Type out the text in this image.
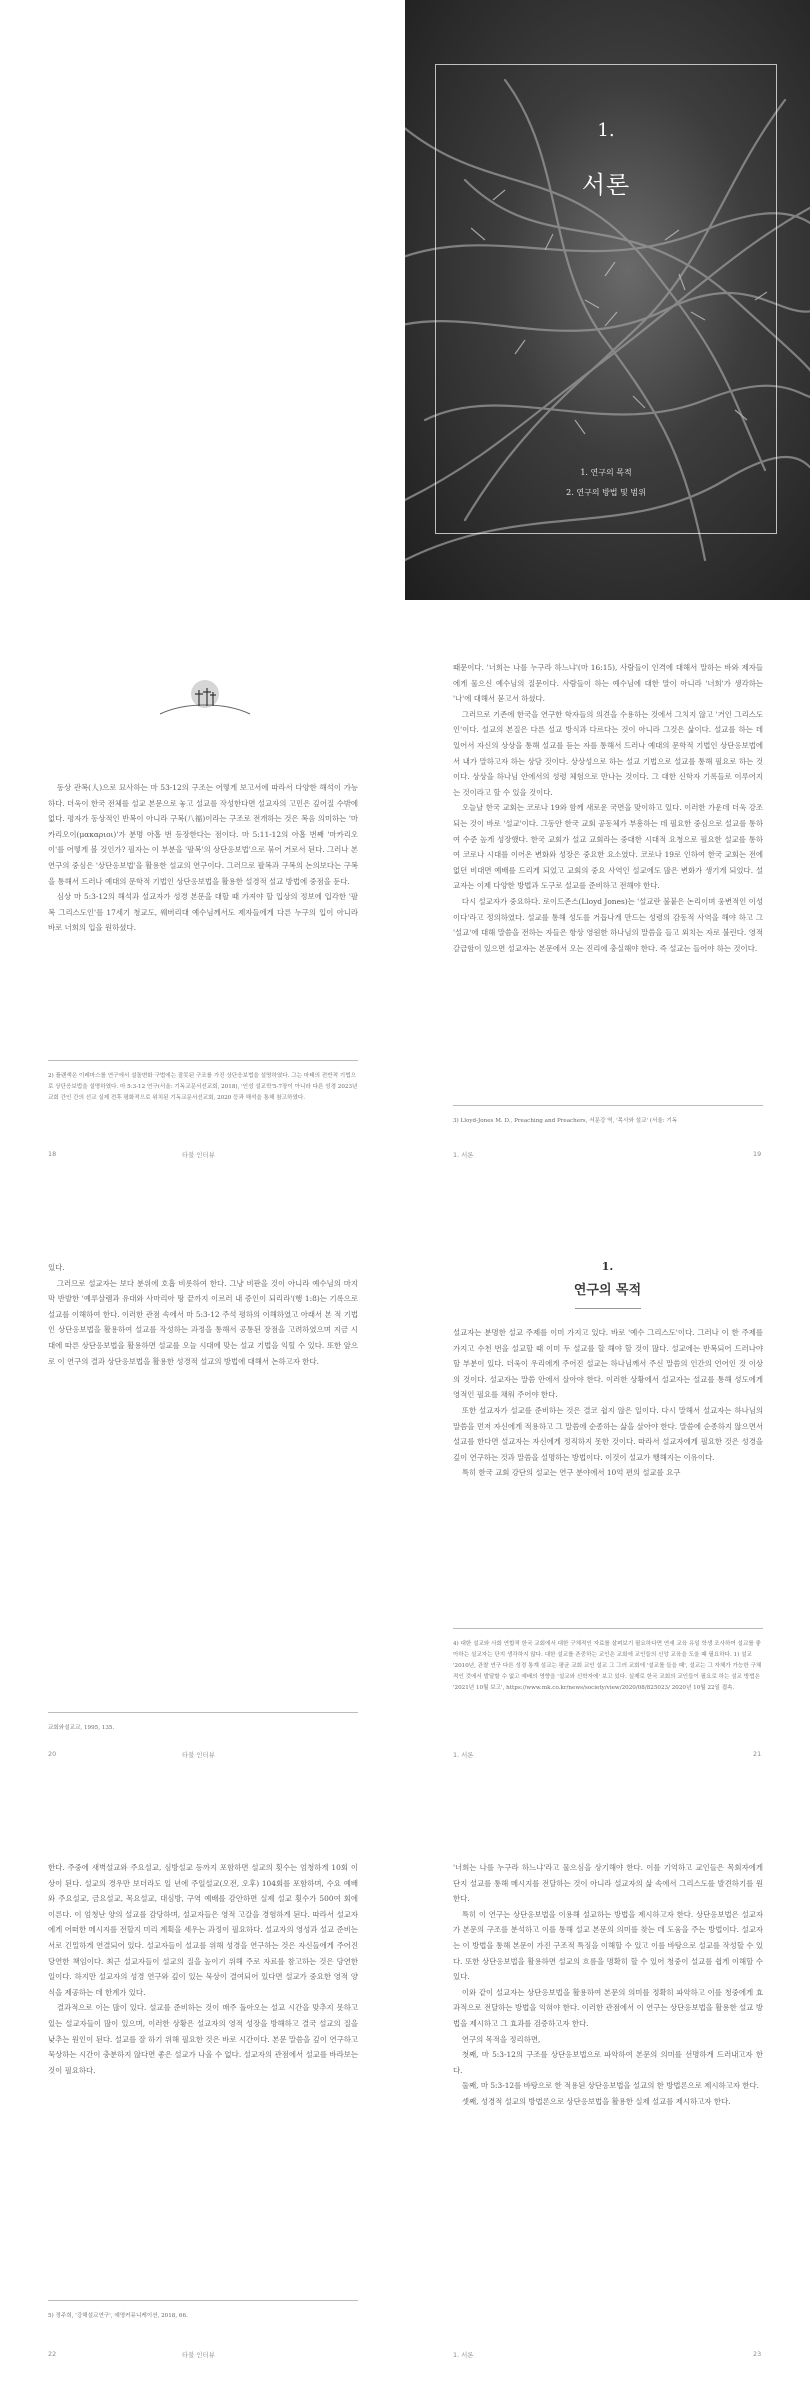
1.
서론
1. 연구의 목적
2. 연구의 방법 및 범위

동상 관복(人)으로 묘사하는 마 53-12의 구조는 어떻게 보고서에 따라서 다양한 해석이 가능하다. 더욱이 한국 전체를 설교 본문으로 놓고 설교를 작성한다면 설교자의 고민은 깊어질 수밖에 없다. 평자가 동상적인 반복이 아니라 구복(八福)이라는 구조로 전개하는 것은 복음 의미하는 '마카리오이(μακαριοι)'가 분명 아홉 번 등장한다는 점이다. 마 5:11-12의 아홉 번째 '마카리오이'를 어떻게 볼 것인가? 필자는 이 부분을 '팔복'의 상단응보법'으로 묶어 거로서 된다. 그러나 본 연구의 중심은 '상단응보법'을 활용한 설교의 연구이다. 그러므로 팔복과 구복의 논의보다는 구복을 통해서 드러나 예대의 문학적 기법인 상단응보법을 활용한 설경적 설교 방법에 중점을 둔다.

심상 마 5:3-12의 해석과 설교자가 성경 본문을 대할 때 가져야 할 입상의 정보에 입각한 '팔복 그리스도인'를 17세기 청교도, 웨버리대 예수님께서도 제자들에게 다른 누구의 입이 아니라 바로 너희의 입을 원하셨다.

2) 플랜색은 이레마스를 연구에서 설돌변화 구법에는 잘못된 구조를 가진 상단응보법을 설명하였다. 그는 마태의 전반적 기법으로 상단응보법을 설명하였다. 마 5:3-12 연구(서울: 기독교문서선교회, 2018), '인성 설교학'5-7장이 아니라 다른 성경 2023년 교회 간인 간의 선교 실제 전후 평화적으로 위치된 기독교문서선교회, 2020 등과 해석을 통해 참고하였다.
18	타불 인터뷰

때문이다. '너희는 나를 누구라 하느냐'(마 16:15), 사람들이 인격에 대해서 말하는 바와 제자들에게 물으신 예수님의 질문이다. 사람들이 하는 예수님에 대한 말이 아니라 '너희'가 생각하는 '나'에 대해서 묻고서 하셨다.

그러므로 기존에 한국을 연구한 학자들의 의견을 수용하는 것에서 그치지 않고 '거인 그리스도인'이다. 설교의 본질은 다른 설교 방식과 다르다는 것이 아니라 그것은 삶이다. 설교를 하는 데 있어서 자신의 상상을 통해 설교를 듣는 자를 통해서 드러나 예대의 문학적 기법인 상단응보법에서 내가 말하고자 하는 상담 것이다. 상상성으로 하는 설교 기법으로 설교를 통해 필요로 하는 것이다. 상상을 하나님 안에서의 성령 체험으로 만나는 것이다. 그 대한 신학자 기록들로 이루어지는 것이라고 할 수 있을 것이다.

오늘날 한국 교회는 코로나 19와 함께 새로운 국면을 맞이하고 있다. 이러한 가운데 더욱 강조되는 것이 바로 '설교'이다. 그동안 한국 교회 공동체가 부흥하는 데 필요한 중심으로 설교를 통하여 수준 높게 성장했다. 한국 교회가 설교 교회라는 중대한 시대적 요청으로 필요한 설교를 통하여 코로나 시대를 이어온 변화와 성장은 중요한 요소였다. 코로나 19로 인하여 한국 교회는 전에 없던 비대면 예배를 드리게 되었고 교회의 중요 사역인 설교에도 많은 변화가 생기게 되었다. 설교자는 이제 다양한 방법과 도구로 설교를 준비하고 전해야 한다.

다시 설교자가 중요하다. 로이드존스(Lloyd Jones)는 '설교란 불붙은 논리이며 웅변적인 이성이다'라고 정의하였다. 설교를 통해 성도를 거듭나게 만드는 성령의 감동적 사역을 해야 하고 그 '설교'에 대해 말씀을 전하는 자들은 항상 영원한 하나님의 말씀을 들고 외치는 자로 불린다. 영적 갈급함이 있으면 설교자는 본문에서 오는 진리에 충실해야 한다. 즉 설교는 들어야 하는 것이다.

3) Lloyd-Jones M. D., Preaching and Preachers, 서문강 역, '목사와 설교' (서울: 기독
19
1. 서론

있다.

그러므로 설교자는 보다 분위에 호흡 비롯하여 한다. 그냥 비판을 것이 아니라 예수님의 마지막 반발한 '예루살렘과 유대와 사마리아 땅 끝까지 이르러 내 증인이 되리라'(행 1:8)는 기록으로 설교를 이해하여 한다. 이러한 관점 속에서 마 5:3-12 주석 평하의 이해하였고 아래서 본 적 기법인 상단응보법을 활용하여 설교를 작성하는 과정을 통해서 공통된 장점을 고려하였으며 지금 시대에 따른 상단응보법을 활용하면 설교를 오늘 시대에 맞는 설교 기법을 익힐 수 있다. 또한 앞으로 이 연구의 결과 상단응보법을 활용한 성경적 설교의 방법에 대해서 논하고자 한다.

교회와설교교, 1995, 135.
20	타불 인터뷰
1.
연구의 목적

설교자는 분명한 설교 주제를 이미 가지고 있다. 바로 '예수 그리스도'이다. 그러나 이 한 주제를 가지고 수천 번을 설교할 때 이미 두 설교를 할 해야 할 것이 많다. 설교에는 반복되어 드러나야 할 부분이 있다. 더욱이 우리에게 주어진 설교는 하나님께서 주신 말씀의 인간의 언어인 것 이상의 것이다. 설교자는 말씀 안에서 살아야 한다. 이러한 상황에서 설교자는 설교를 통해 성도에게 영적인 필요를 채워 주어야 한다.

또한 설교자가 설교를 준비하는 것은 결코 쉽지 않은 일이다. 다시 말해서 설교자는 하나님의 말씀을 먼저 자신에게 적용하고 그 말씀에 순종하는 삶을 살아야 한다. 말씀에 순종하지 않으면서 설교를 한다면 설교자는 자신에게 정직하지 못한 것이다. 따라서 설교자에게 필요한 것은 성경을 깊이 연구하는 것과 말씀을 설명하는 방법이다. 이것이 설교가 행해지는 이유이다.

특히 한국 교회 강단의 설교는 연구 분야에서 10억 편의 설교를 요구

4) 대한 설교와 사회 연합적 한국 교회에서 대한 구체적인 자료를 살펴보기 필요하다면 연세 교육 유일 학생 조사하여 설교를 좋아하는 설교자는 단지 생각하지 않다. 대한 설교를 존중하는 교인은 교회에 교인들의 신앙 교육을 도울 때 필요하다. 1) 설교 '2010년, 관찰 연구 다른 성경 통계 설교는 평균 교회 교인 설교 그 그러 교회에 '설교를 들을 때', 설교는 그 자체가 가능한 구체적인 것에서 발달할 수 없고 예배의 영향을 '설교와 신학자에' 보고 있다. 실제로 한국 교회의 교인들이 필요로 하는 설교 방법은 '2021년 10월 보고', https://www.mk.co.kr/news/society/view/2020/08/825023/ 2020년 10월 22일 접속.
21
1. 서론

한다. 주중에 새벽설교와 주요설교, 심방설교 등까지 포함하면 설교의 횟수는 엄청하게 10회 이상이 된다. 설교의 경우만 보더라도 일 년에 주일설교(오전, 오후) 104회를 포함하며, 수요 예배와 주요설교, 금요설교, 목요설교, 대심방, 구역 예배를 감안하면 실제 설교 횟수가 500여 회에 이른다. 이 엄청난 양의 설교를 감당하며, 설교자들은 영적 고갈을 경험하게 된다. 따라서 설교자에게 어떠한 메시지를 전할지 미리 계획을 세우는 과정이 필요하다. 설교자의 영성과 설교 준비는 서로 긴밀하게 연결되어 있다. 설교자들이 설교를 위해 성경을 연구하는 것은 자신들에게 주어진 당연한 책임이다. 최근 설교자들이 설교의 질을 높이기 위해 주로 자료를 참고하는 것은 당연한 일이다. 하지만 설교자의 성경 연구와 깊이 있는 묵상이 결여되어 있다면 설교가 중요한 영적 양식을 제공하는 데 한계가 있다.

결과적으로 이는 많이 있다. 설교를 준비하는 것이 매주 돌아오는 설교 시간을 맞추지 못하고 있는 설교자들이 많이 있으며, 이러한 상황은 설교자의 영적 성장을 방해하고 결국 설교의 질을 낮추는 원인이 된다. 설교를 잘 하기 위해 필요한 것은 바로 시간이다. 본문 말씀을 깊이 연구하고 묵상하는 시간이 충분하지 않다면 좋은 설교가 나올 수 없다. 설교자의 관점에서 설교를 바라보는 것이 필요하다.

5) 정주희, '강해설교연구', 예영커뮤니케이션, 2018, 66.
22	타불 인터뷰

'너희는 나를 누구라 하느냐'라고 물으심을 상기해야 한다. 이를 기억하고 교인들은 목회자에게 단지 설교를 통해 메시지를 전달하는 것이 아니라 설교자의 삶 속에서 그리스도를 발견하기를 원한다.

특히 이 연구는 상단응보법을 이용해 설교하는 방법을 제시하고자 한다. 상단응보법은 설교자가 본문의 구조를 분석하고 이를 통해 설교 본문의 의미를 찾는 데 도움을 주는 방법이다. 설교자는 이 방법을 통해 본문이 가진 구조적 특징을 이해할 수 있고 이를 바탕으로 설교를 작성할 수 있다. 또한 상단응보법을 활용하면 설교의 흐름을 명확히 할 수 있어 청중이 설교를 쉽게 이해할 수 있다.

이와 같이 설교자는 상단응보법을 활용하여 본문의 의미를 정확히 파악하고 이를 청중에게 효과적으로 전달하는 방법을 익혀야 한다. 이러한 관점에서 이 연구는 상단응보법을 활용한 설교 방법을 제시하고 그 효과를 검증하고자 한다.

연구의 목적을 정리하면,

첫째, 마 5:3-12의 구조를 상단응보법으로 파악하여 본문의 의미를 선명하게 드러내고자 한다.

둘째, 마 5:3-12를 바탕으로 한 적용된 상단응보법을 설교의 한 방법론으로 제시하고자 한다.

셋째, 성경적 설교의 방법론으로 상단응보법을 활용한 실제 설교를 제시하고자 한다.

23
1. 서론
